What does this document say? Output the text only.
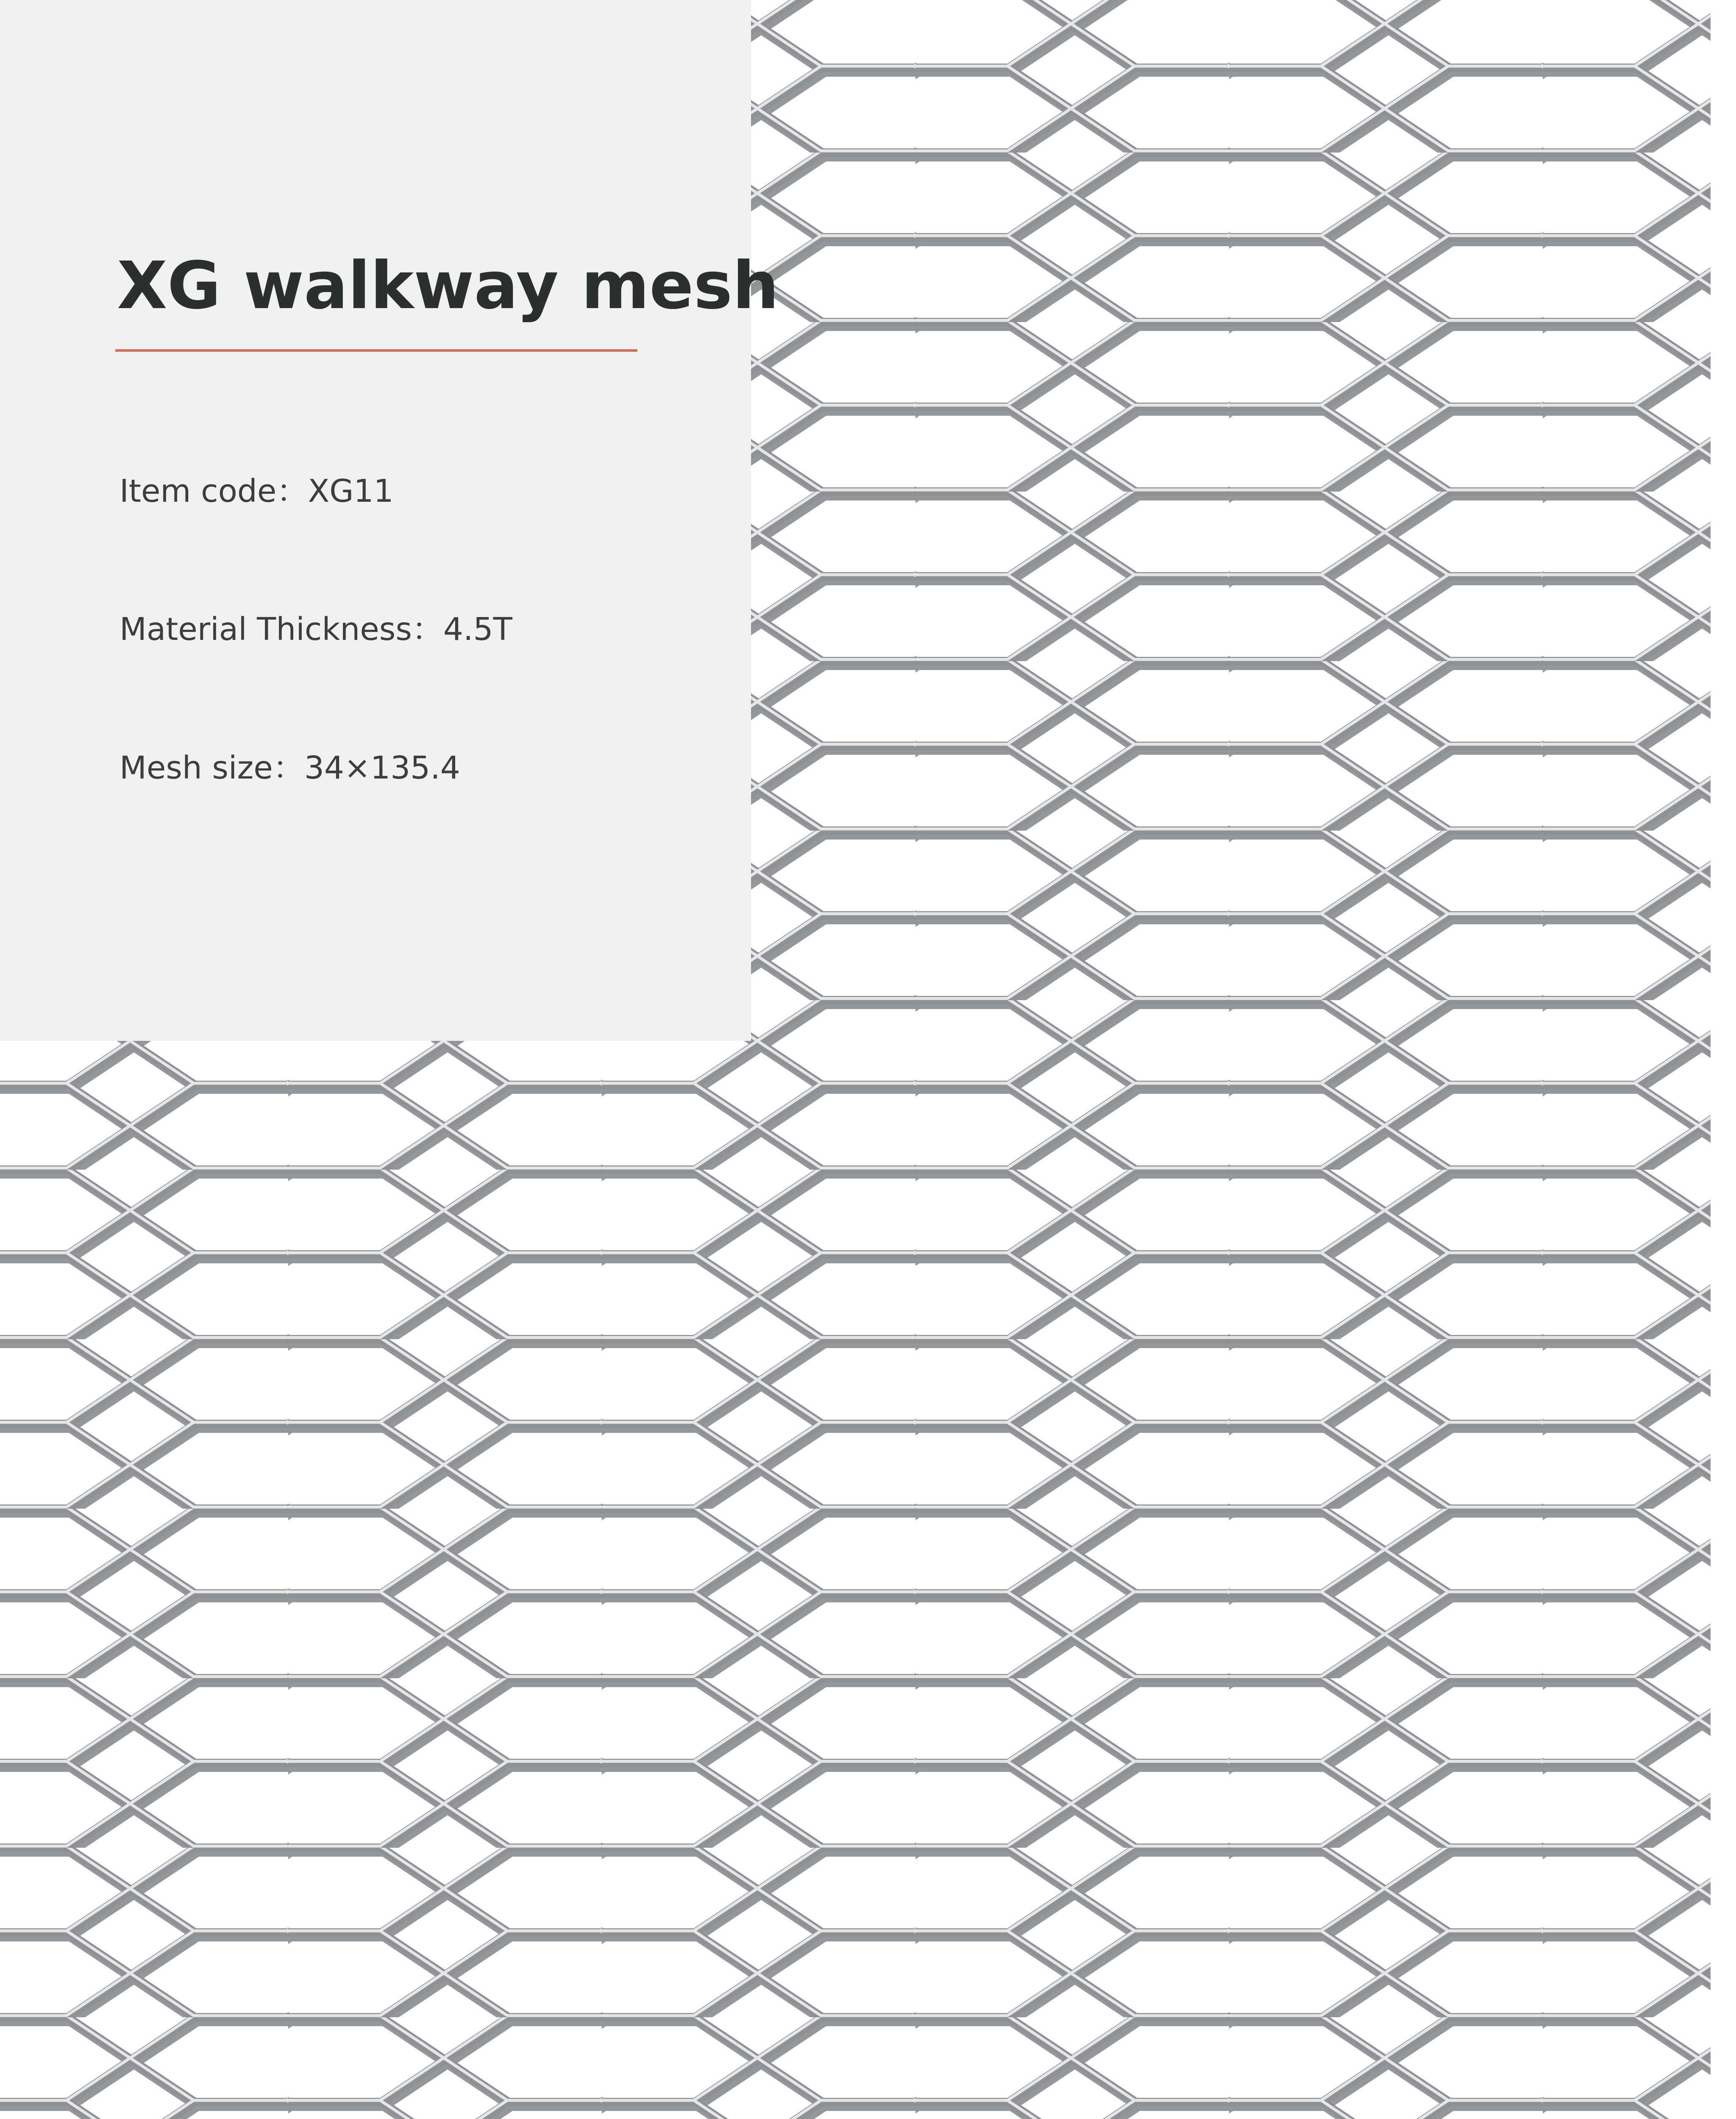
XG walkway mesh

Item code：XG11

Material Thickness：4.5T

Mesh size：34×135.4
